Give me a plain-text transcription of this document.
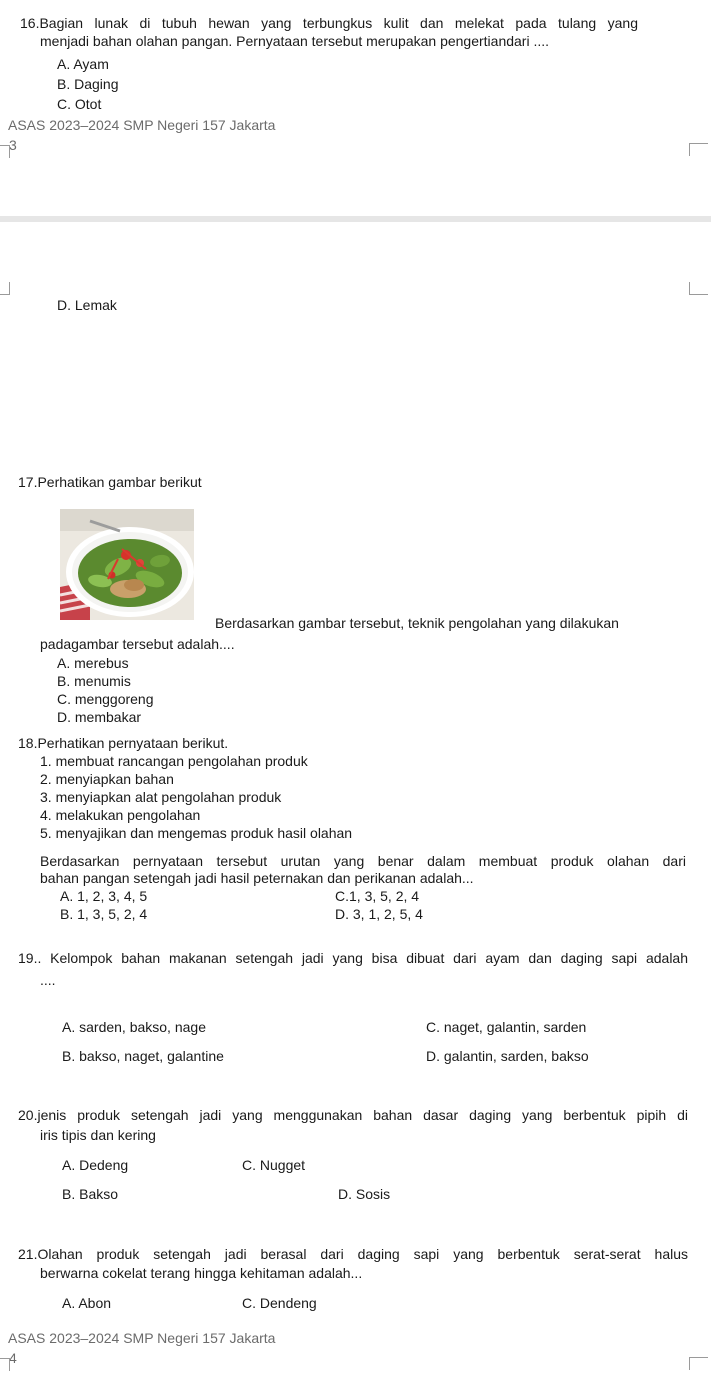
16.Bagian lunak di tubuh hewan yang terbungkus kulit dan melekat pada tulang yang
menjadi bahan olahan pangan. Pernyataan tersebut merupakan pengertiandari ....
A. Ayam
B. Daging
C. Otot
ASAS 2023–2024 SMP Negeri 157 Jakarta
3
D. Lemak
17.Perhatikan gambar berikut
Berdasarkan gambar tersebut, teknik pengolahan yang dilakukan
padagambar tersebut adalah....
A. merebus
B. menumis
C. menggoreng
D. membakar
18.Perhatikan pernyataan berikut.
1. membuat rancangan pengolahan produk
2. menyiapkan bahan
3. menyiapkan alat pengolahan produk
4. melakukan pengolahan
5. menyajikan dan mengemas produk hasil olahan
Berdasarkan pernyataan tersebut urutan yang benar dalam membuat produk olahan dari
bahan pangan setengah jadi hasil peternakan dan perikanan adalah...
A. 1, 2, 3, 4, 5
B. 1, 3, 5, 2, 4
C.1, 3, 5, 2, 4
D. 3, 1, 2, 5, 4
19.. Kelompok bahan makanan setengah jadi yang bisa dibuat dari ayam dan daging sapi adalah
....
A. sarden, bakso, nage
B. bakso, naget, galantine
C. naget, galantin, sarden
D. galantin, sarden, bakso
20.jenis produk setengah jadi yang menggunakan bahan dasar daging yang berbentuk pipih di
iris tipis dan kering
A. Dedeng
B. Bakso
C. Nugget
D. Sosis
21.Olahan produk setengah jadi berasal dari daging sapi yang berbentuk serat-serat halus
berwarna cokelat terang hingga kehitaman adalah...
A. Abon	C. Dendeng
ASAS 2023–2024 SMP Negeri 157 Jakarta
4
